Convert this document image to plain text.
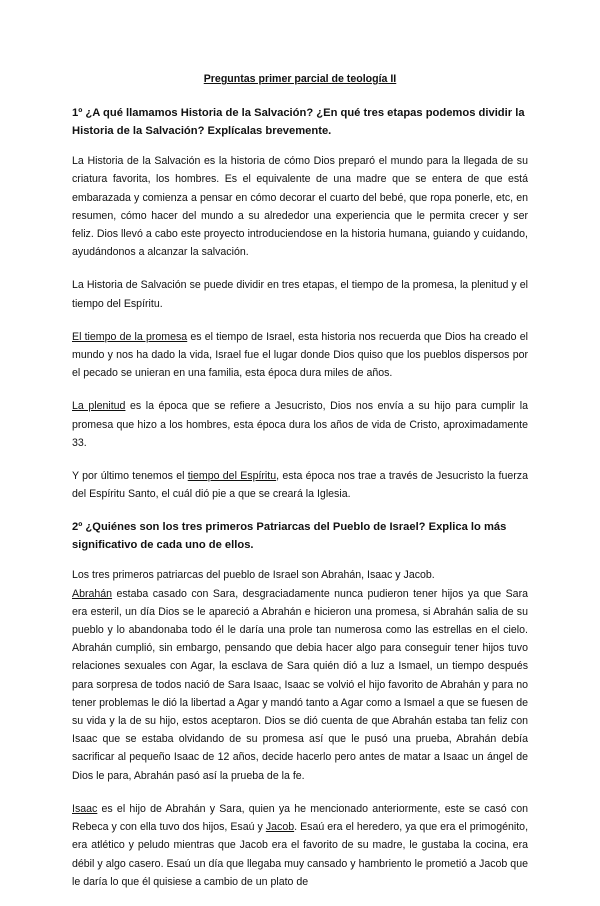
Preguntas primer parcial de teología II
1º ¿A qué llamamos Historia de la Salvación? ¿En qué tres etapas podemos dividir la Historia de la Salvación? Explícalas brevemente.

La Historia de la Salvación es la historia de cómo Dios preparó el mundo para la llegada de su criatura favorita, los hombres. Es el equivalente de una madre que se entera de que está embarazada y comienza a pensar en cómo decorar el cuarto del bebé, que ropa ponerle, etc, en resumen, cómo hacer del mundo a su alrededor una experiencia que le permita crecer y ser feliz. Dios llevó a cabo este proyecto introduciendose en la historia humana, guiando y cuidando, ayudándonos a alcanzar la salvación.

La Historia de Salvación se puede dividir en tres etapas, el tiempo de la promesa, la plenitud y el tiempo del Espíritu.

El tiempo de la promesa es el tiempo de Israel, esta historia nos recuerda que Dios ha creado el mundo y nos ha dado la vida, Israel fue el lugar donde Dios quiso que los pueblos dispersos por el pecado se unieran en una familia, esta época dura miles de años.

La plenitud es la época que se refiere a Jesucristo, Dios nos envía a su hijo para cumplir la promesa que hizo a los hombres, esta época dura los años de vida de Cristo, aproximadamente 33.

Y por último tenemos el tiempo del Espíritu, esta época nos trae a través de Jesucristo la fuerza del Espíritu Santo, el cuál dió pie a que se creará la Iglesia.

2º ¿Quiénes son los tres primeros Patriarcas del Pueblo de Israel? Explica lo más significativo de cada uno de ellos.

Los tres primeros patriarcas del pueblo de Israel son Abrahán, Isaac y Jacob.

Abrahán estaba casado con Sara, desgraciadamente nunca pudieron tener hijos ya que Sara era esteril, un día Dios se le apareció a Abrahán e hicieron una promesa, si Abrahán salia de su pueblo y lo abandonaba todo él le daría una prole tan numerosa como las estrellas en el cielo. Abrahán cumplió, sin embargo, pensando que debia hacer algo para conseguir tener hijos tuvo relaciones sexuales con Agar, la esclava de Sara quién dió a luz a Ismael, un tiempo después para sorpresa de todos nació de Sara Isaac, Isaac se volvió el hijo favorito de Abrahán y para no tener problemas le dió la libertad a Agar y mandó tanto a Agar como a Ismael a que se fuesen de su vida y la de su hijo, estos aceptaron. Dios se dió cuenta de que Abrahán estaba tan feliz con Isaac que se estaba olvidando de su promesa así que le pusó una prueba, Abrahán debía sacrificar al pequeño Isaac de 12 años, decide hacerlo pero antes de matar a Isaac un ángel de Dios le para, Abrahán pasó así la prueba de la fe.

Isaac es el hijo de Abrahán y Sara, quien ya he mencionado anteriormente, este se casó con Rebeca y con ella tuvo dos hijos, Esaú y Jacob. Esaú era el heredero, ya que era el primogénito, era atlético y peludo mientras que Jacob era el favorito de su madre, le gustaba la cocina, era débil y algo casero. Esaú un día que llegaba muy cansado y hambriento le prometió a Jacob que le daría lo que él quisiese a cambio de un plato de
